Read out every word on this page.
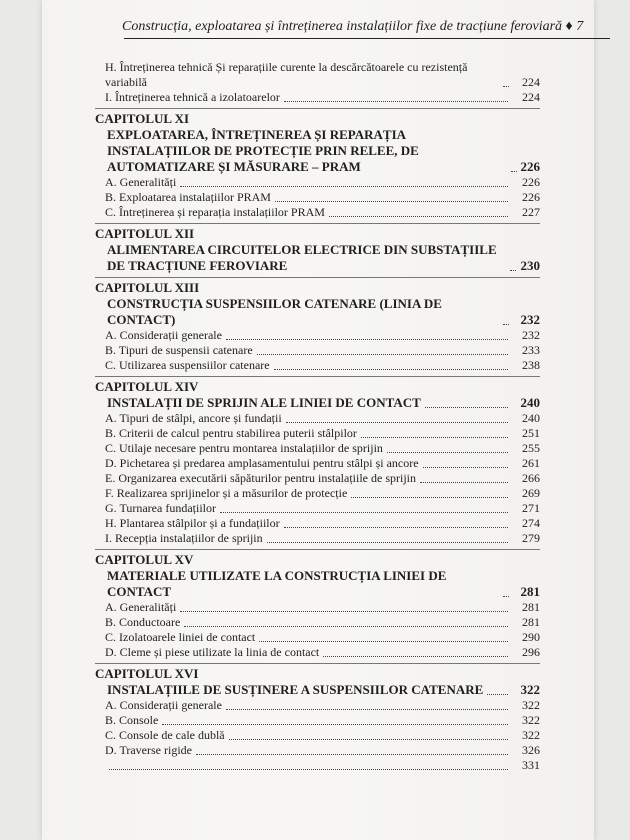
Construcția, exploatarea și întreținerea instalațiilor fixe de tracțiune feroviară ♦ 7
H. Întreținerea tehnică Și reparațiile curente la descărcătoarele cu rezistență variabilă	224
I. Întreținerea tehnică a izolatoarelor	224
CAPITOLUL XI
EXPLOATAREA, ÎNTREȚINEREA ȘI REPARAȚIA INSTALAȚIILOR DE PROTECȚIE PRIN RELEE, DE AUTOMATIZARE ȘI MĂSURARE – PRAM	226
A. Generalități	226
B. Exploatarea instalațiilor PRAM	226
C. Întreținerea și reparația instalațiilor PRAM	227
CAPITOLUL XII
ALIMENTAREA CIRCUITELOR ELECTRICE DIN SUBSTAȚIILE DE TRACȚIUNE FEROVIARE	230
CAPITOLUL XIII
CONSTRUCȚIA SUSPENSIILOR CATENARE (LINIA DE CONTACT)	232
A. Considerații generale	232
B. Tipuri de suspensii catenare	233
C. Utilizarea suspensiilor catenare	238
CAPITOLUL XIV
INSTALAȚII DE SPRIJIN ALE LINIEI DE CONTACT	240
A. Tipuri de stâlpi, ancore și fundații	240
B. Criterii de calcul pentru stabilirea puterii stâlpilor	251
C. Utilaje necesare pentru montarea instalațiilor de sprijin	255
D. Pichetarea și predarea amplasamentului pentru stâlpi și ancore	261
E. Organizarea executării săpăturilor pentru instalațiile de sprijin	266
F. Realizarea sprijinelor și a măsurilor de protecție	269
G. Turnarea fundațiilor	271
H. Plantarea stâlpilor și a fundațiilor	274
I. Recepția instalațiilor de sprijin	279
CAPITOLUL XV
MATERIALE UTILIZATE LA CONSTRUCȚIA LINIEI DE CONTACT	281
A. Generalități	281
B. Conductoare	281
C. Izolatoarele liniei de contact	290
D. Cleme și piese utilizate la linia de contact	296
CAPITOLUL XVI
INSTALAȚIILE DE SUSȚINERE A SUSPENSIILOR CATENARE	322
A. Considerații generale	322
B. Console	322
C. Console de cale dublă	322
D. Traverse rigide	326
331
